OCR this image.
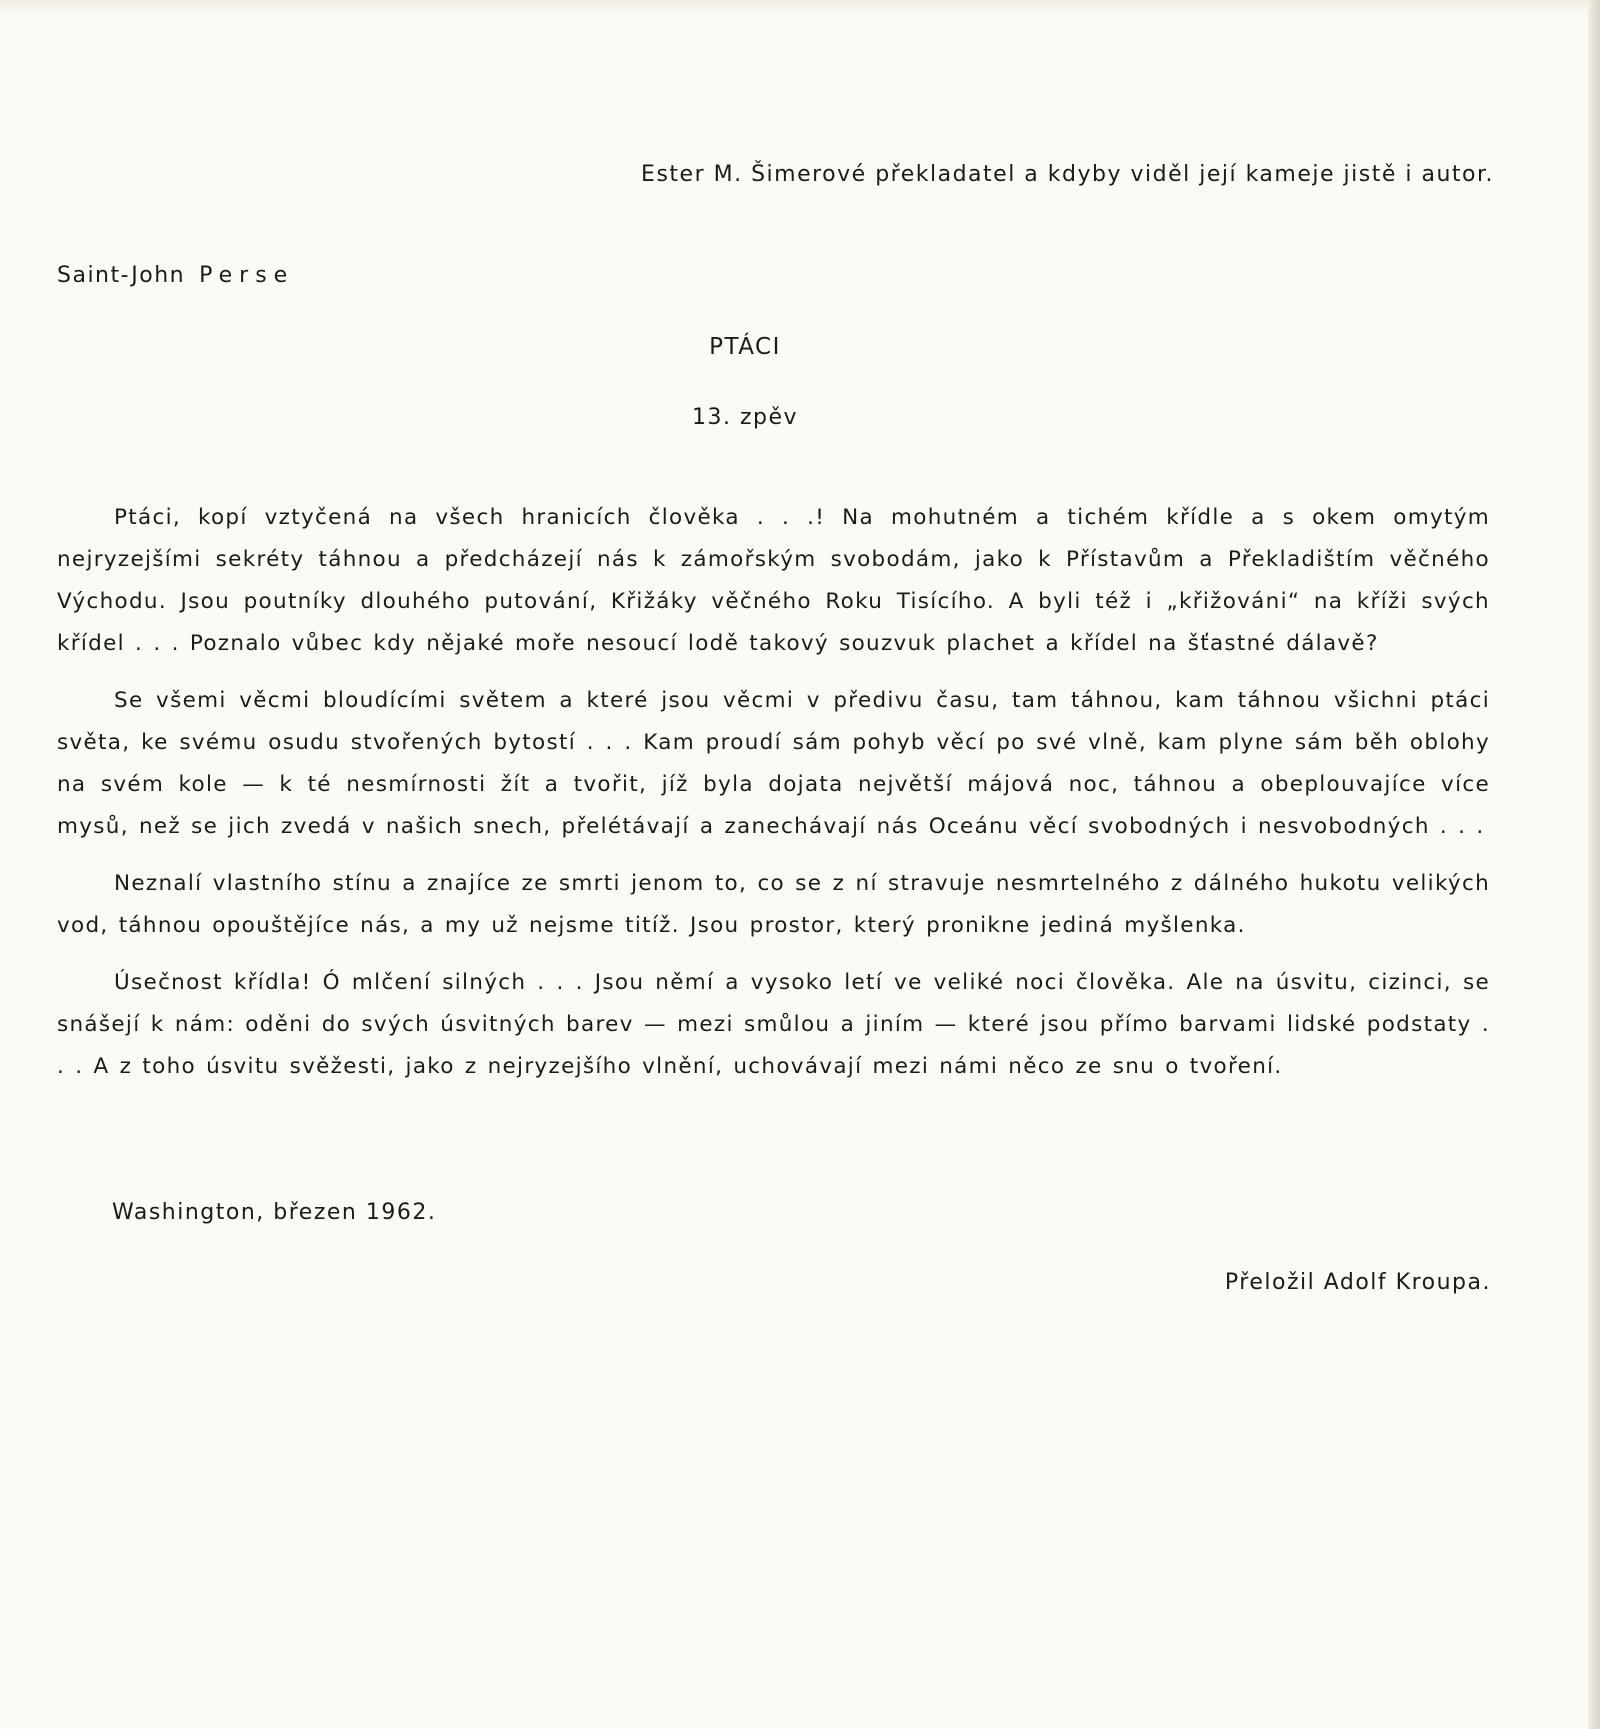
Ester M. Šimerové překladatel a kdyby viděl její kameje jistě i autor.
Saint-John Perse
PTÁCI
13. zpěv

Ptáci, kopí vztyčená na všech hranicích člověka . . .! Na mohutném a tichém křídle a s okem omytým nejryzejšími sekréty táhnou a předcházejí nás k zámořským svobodám, jako k Přístavům a Překladištím věčného Východu. Jsou poutníky dlouhého putování, Křižáky věčného Roku Tisícího. A byli též i „křižováni“ na kříži svých křídel . . . Poznalo vůbec kdy nějaké moře nesoucí lodě takový souzvuk plachet a křídel na šťastné dálavě?

Se všemi věcmi bloudícími světem a které jsou věcmi v předivu času, tam táhnou, kam táhnou všichni ptáci světa, ke svému osudu stvořených bytostí . . . Kam proudí sám pohyb věcí po své vlně, kam plyne sám běh oblohy na svém kole — k té nesmírnosti žít a tvořit, jíž byla dojata největší májová noc, táhnou a obeplouvajíce více mysů, než se jich zvedá v našich snech, přelétávají a zanechávají nás Oceánu věcí svobodných i nesvobodných . . .

Neznalí vlastního stínu a znajíce ze smrti jenom to, co se z ní stravuje nesmrtelného z dálného hukotu velikých vod, táhnou opouštějíce nás, a my už nejsme titíž. Jsou prostor, který pronikne jediná myšlenka.

Úsečnost křídla! Ó mlčení silných . . . Jsou němí a vysoko letí ve veliké noci člověka. Ale na úsvitu, cizinci, se snášejí k nám: oděni do svých úsvitných barev — mezi smůlou a jiním — které jsou přímo barvami lidské podstaty . . . A z toho úsvitu svěžesti, jako z nejryzejšího vlnění, uchovávají mezi námi něco ze snu o tvoření.

Washington, březen 1962.
Přeložil Adolf Kroupa.
